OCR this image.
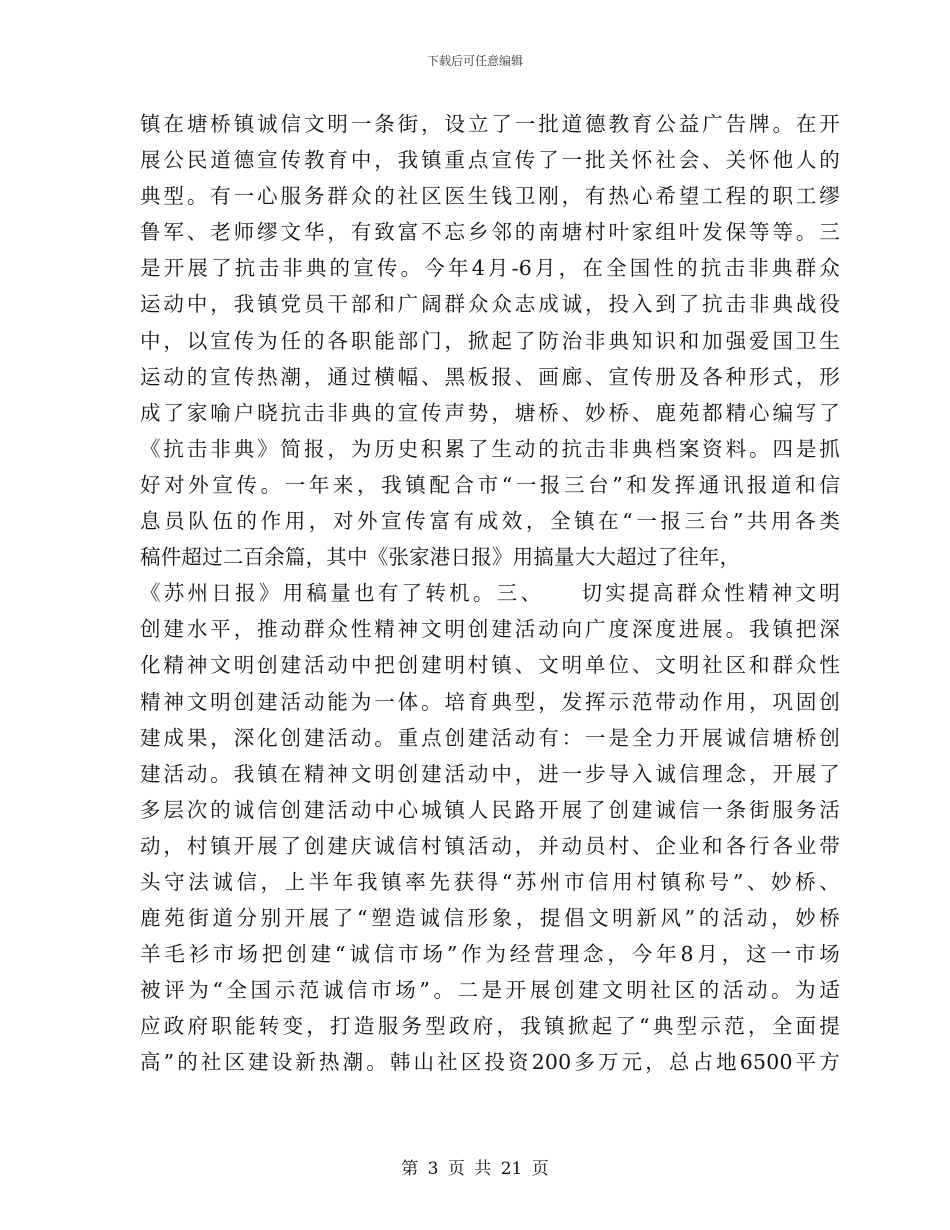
下载后可任意编辑
镇在塘桥镇诚信文明一条街，设立了一批道德教育公益广告牌。在开
展公民道德宣传教育中，我镇重点宣传了一批关怀社会、关怀他人的
典型。有一心服务群众的社区医生钱卫刚，有热心希望工程的职工缪
鲁军、老师缪文华，有致富不忘乡邻的南塘村叶家组叶发保等等。三
是开展了抗击非典的宣传。今年4月-6月，在全国性的抗击非典群众
运动中，我镇党员干部和广阔群众众志成诚，投入到了抗击非典战役
中，以宣传为任的各职能部门，掀起了防治非典知识和加强爱国卫生
运动的宣传热潮，通过横幅、黑板报、画廊、宣传册及各种形式，形
成了家喻户晓抗击非典的宣传声势，塘桥、妙桥、鹿苑都精心编写了
《抗击非典》简报，为历史积累了生动的抗击非典档案资料。四是抓
好对外宣传。一年来，我镇配合市“一报三台”和发挥通讯报道和信
息员队伍的作用，对外宣传富有成效，全镇在“一报三台”共用各类
稿件超过二百余篇，其中《张家港日报》用搞量大大超过了往年，
《苏州日报》用稿量也有了转机。三、　　切实提高群众性精神文明
创建水平，推动群众性精神文明创建活动向广度深度进展。我镇把深
化精神文明创建活动中把创建明村镇、文明单位、文明社区和群众性
精神文明创建活动能为一体。培育典型，发挥示范带动作用，巩固创
建成果，深化创建活动。重点创建活动有：一是全力开展诚信塘桥创
建活动。我镇在精神文明创建活动中，进一步导入诚信理念，开展了
多层次的诚信创建活动中心城镇人民路开展了创建诚信一条街服务活
动，村镇开展了创建庆诚信村镇活动，并动员村、企业和各行各业带
头守法诚信，上半年我镇率先获得“苏州市信用村镇称号”、妙桥、
鹿苑街道分别开展了“塑造诚信形象，提倡文明新风”的活动，妙桥
羊毛衫市场把创建“诚信市场”作为经营理念，今年8月，这一市场
被评为“全国示范诚信市场”。二是开展创建文明社区的活动。为适
应政府职能转变，打造服务型政府，我镇掀起了“典型示范，全面提
高”的社区建设新热潮。韩山社区投资200多万元，总占地6500平方
第 3 页 共 21 页
